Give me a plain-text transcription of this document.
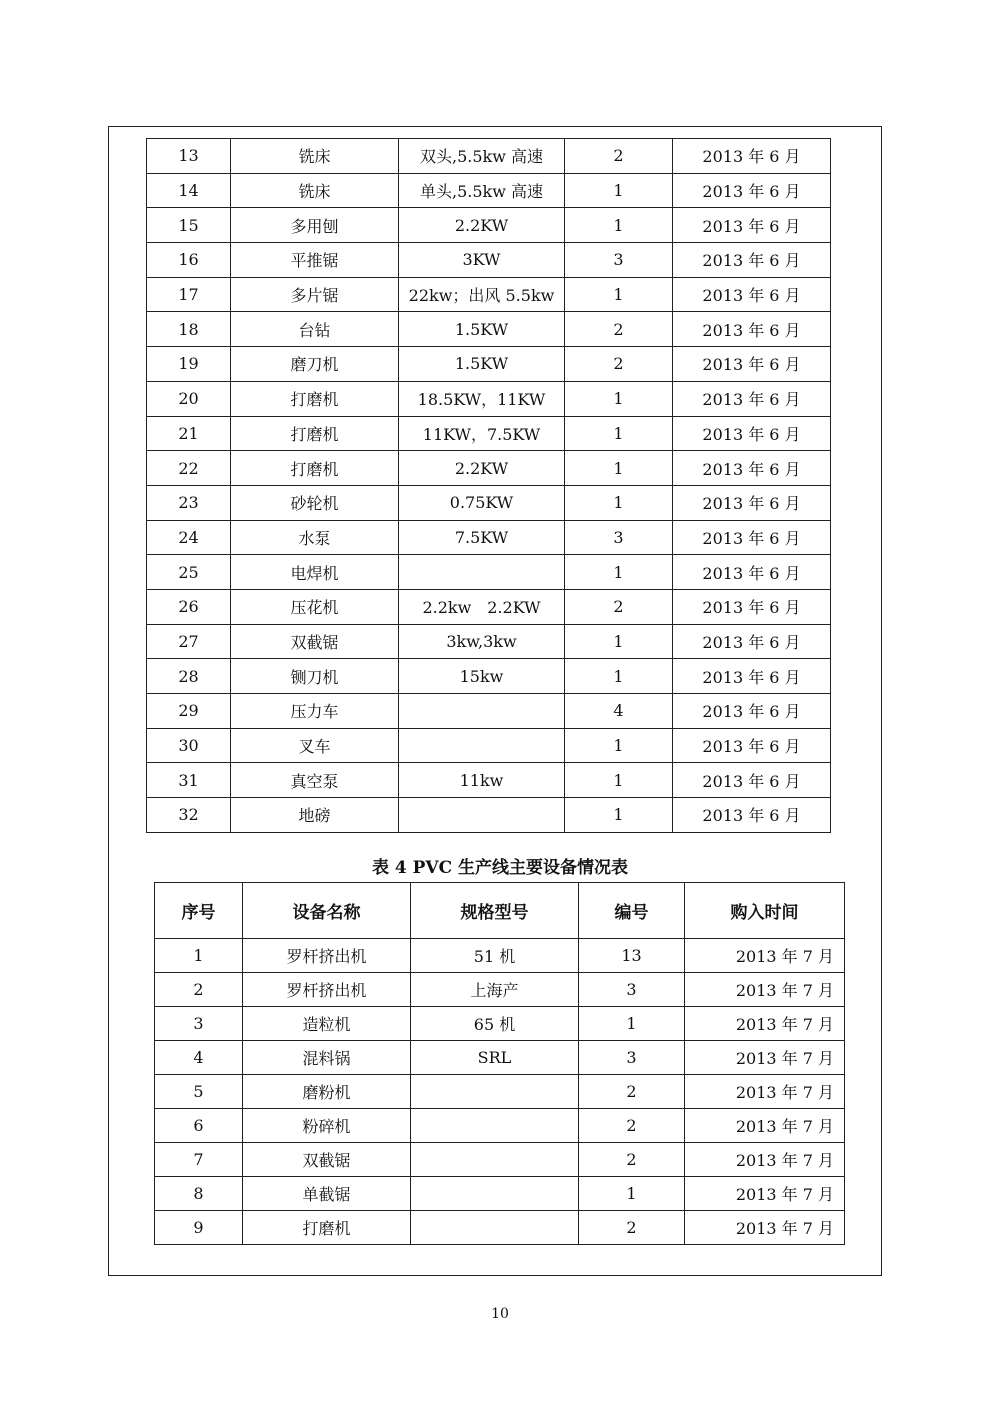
13	铣床	双头,5.5kw 高速	2	2013 年 6 月
14	铣床	单头,5.5kw 高速	1	2013 年 6 月
15	多用刨	2.2KW	1	2013 年 6 月
16	平推锯	3KW	3	2013 年 6 月
17	多片锯	22kw；出风 5.5kw	1	2013 年 6 月
18	台钻	1.5KW	2	2013 年 6 月
19	磨刀机	1.5KW	2	2013 年 6 月
20	打磨机	18.5KW，11KW	1	2013 年 6 月
21	打磨机	11KW，7.5KW	1	2013 年 6 月
22	打磨机	2.2KW	1	2013 年 6 月
23	砂轮机	0.75KW	1	2013 年 6 月
24	水泵	7.5KW	3	2013 年 6 月
25	电焊机		1	2013 年 6 月
26	压花机	2.2kw　2.2KW	2	2013 年 6 月
27	双截锯	3kw,3kw	1	2013 年 6 月
28	铡刀机	15kw	1	2013 年 6 月
29	压力车		4	2013 年 6 月
30	叉车		1	2013 年 6 月
31	真空泵	11kw	1	2013 年 6 月
32	地磅		1	2013 年 6 月
表 4 PVC 生产线主要设备情况表
序号	设备名称	规格型号	编号	购入时间
1	罗杆挤出机	51 机	13	2013 年 7 月
2	罗杆挤出机	上海产	3	2013 年 7 月
3	造粒机	65 机	1	2013 年 7 月
4	混料锅	SRL	3	2013 年 7 月
5	磨粉机		2	2013 年 7 月
6	粉碎机		2	2013 年 7 月
7	双截锯		2	2013 年 7 月
8	单截锯		1	2013 年 7 月
9	打磨机		2	2013 年 7 月
10
